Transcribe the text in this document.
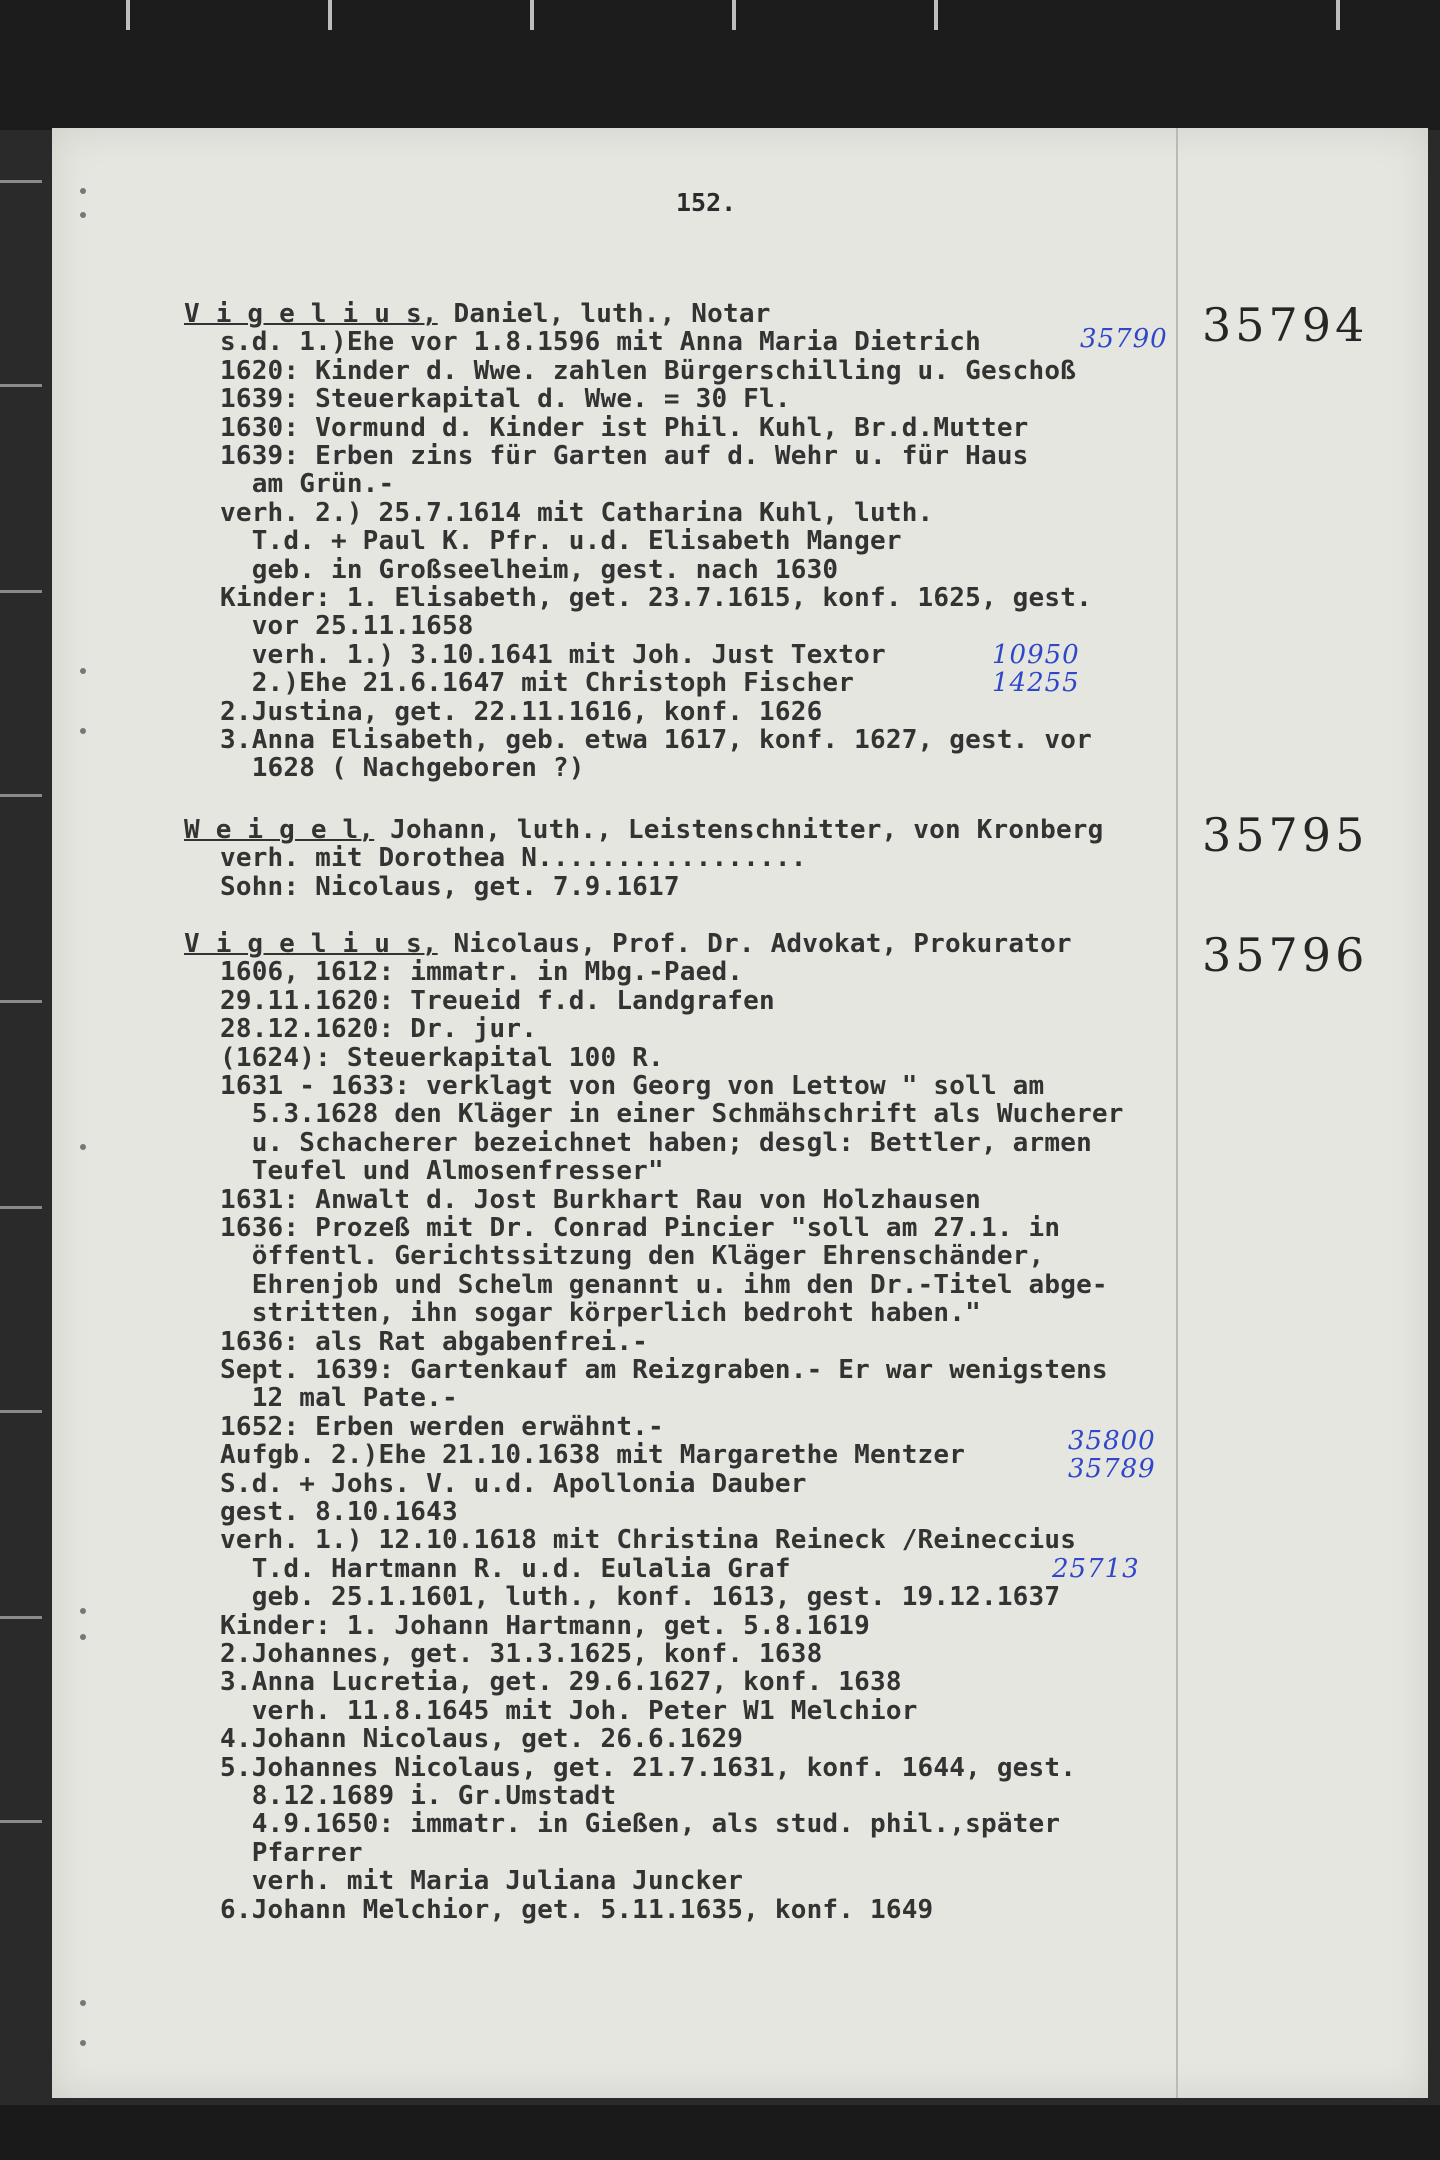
152.
35794
V i g e l i u s, Daniel, luth., Notar
s.d. 1.)Ehe vor 1.8.1596 mit Anna Maria Dietrich
1620: Kinder d. Wwe. zahlen Bürgerschilling u. Geschoß
1639: Steuerkapital d. Wwe. = 30 Fl.
1630: Vormund d. Kinder ist Phil. Kuhl, Br.d.Mutter
1639: Erben zins für Garten auf d. Wehr u. für Haus
am Grün.-
verh. 2.) 25.7.1614 mit Catharina Kuhl, luth.
T.d. + Paul K. Pfr. u.d. Elisabeth Manger
geb. in Großseelheim, gest. nach 1630
Kinder: 1. Elisabeth, get. 23.7.1615, konf. 1625, gest.
vor 25.11.1658
verh. 1.) 3.10.1641 mit Joh. Just Textor
2.)Ehe 21.6.1647 mit Christoph Fischer
2.Justina, get. 22.11.1616, konf. 1626
3.Anna Elisabeth, geb. etwa 1617, konf. 1627, gest. vor
1628 ( Nachgeboren ?)
35790
10950
14255
35795
W e i g e l, Johann, luth., Leistenschnitter, von Kronberg
verh. mit Dorothea N.................
Sohn: Nicolaus, get. 7.9.1617
35796
V i g e l i u s, Nicolaus, Prof. Dr. Advokat, Prokurator
1606, 1612: immatr. in Mbg.-Paed.
29.11.1620: Treueid f.d. Landgrafen
28.12.1620: Dr. jur.
(1624): Steuerkapital 100 R.
1631 - 1633: verklagt von Georg von Lettow " soll am
5.3.1628 den Kläger in einer Schmähschrift als Wucherer
u. Schacherer bezeichnet haben; desgl: Bettler, armen
Teufel und Almosenfresser"
1631: Anwalt d. Jost Burkhart Rau von Holzhausen
1636: Prozeß mit Dr. Conrad Pincier "soll am 27.1. in
öffentl. Gerichtssitzung den Kläger Ehrenschänder,
Ehrenjob und Schelm genannt u. ihm den Dr.-Titel abge-
stritten, ihn sogar körperlich bedroht haben."
1636: als Rat abgabenfrei.-
Sept. 1639: Gartenkauf am Reizgraben.- Er war wenigstens
12 mal Pate.-
1652: Erben werden erwähnt.-
Aufgb. 2.)Ehe 21.10.1638 mit Margarethe Mentzer
S.d. + Johs. V. u.d. Apollonia Dauber
gest. 8.10.1643
verh. 1.) 12.10.1618 mit Christina Reineck /Reineccius
T.d. Hartmann R. u.d. Eulalia Graf
geb. 25.1.1601, luth., konf. 1613, gest. 19.12.1637
Kinder: 1. Johann Hartmann, get. 5.8.1619
2.Johannes, get. 31.3.1625, konf. 1638
3.Anna Lucretia, get. 29.6.1627, konf. 1638
verh. 11.8.1645 mit Joh. Peter W1 Melchior
4.Johann Nicolaus, get. 26.6.1629
5.Johannes Nicolaus, get. 21.7.1631, konf. 1644, gest.
8.12.1689 i. Gr.Umstadt
4.9.1650: immatr. in Gießen, als stud. phil.,später
Pfarrer
verh. mit Maria Juliana Juncker
6.Johann Melchior, get. 5.11.1635, konf. 1649
35800
35789
25713
